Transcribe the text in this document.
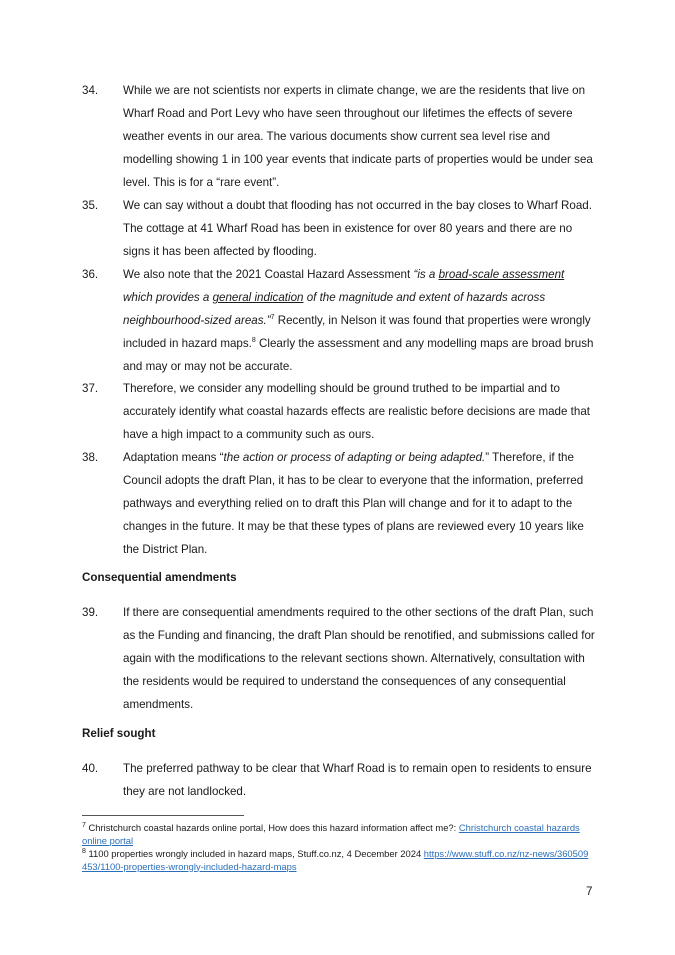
34. While we are not scientists nor experts in climate change, we are the residents that live on Wharf Road and Port Levy who have seen throughout our lifetimes the effects of severe weather events in our area. The various documents show current sea level rise and modelling showing 1 in 100 year events that indicate parts of properties would be under sea level. This is for a “rare event”.
35. We can say without a doubt that flooding has not occurred in the bay closes to Wharf Road. The cottage at 41 Wharf Road has been in existence for over 80 years and there are no signs it has been affected by flooding.
36. We also note that the 2021 Coastal Hazard Assessment “is a broad-scale assessment which provides a general indication of the magnitude and extent of hazards across neighbourhood-sized areas.”$^7$ Recently, in Nelson it was found that properties were wrongly included in hazard maps.$^8$ Clearly the assessment and any modelling maps are broad brush and may or may not be accurate.
37. Therefore, we consider any modelling should be ground truthed to be impartial and to accurately identify what coastal hazards effects are realistic before decisions are made that have a high impact to a community such as ours.
38. Adaptation means “the action or process of adapting or being adapted.” Therefore, if the Council adopts the draft Plan, it has to be clear to everyone that the information, preferred pathways and everything relied on to draft this Plan will change and for it to adapt to the changes in the future. It may be that these types of plans are reviewed every 10 years like the District Plan.
Consequential amendments
39. If there are consequential amendments required to the other sections of the draft Plan, such as the Funding and financing, the draft Plan should be renotified, and submissions called for again with the modifications to the relevant sections shown. Alternatively, consultation with the residents would be required to understand the consequences of any consequential amendments.
Relief sought
40. The preferred pathway to be clear that Wharf Road is to remain open to residents to ensure they are not landlocked.
$^7$ Christchurch coastal hazards online portal, How does this hazard information affect me?: Christchurch coastal hazards online portal
$^8$ 1100 properties wrongly included in hazard maps, Stuff.co.nz, 4 December 2024 https://www.stuff.co.nz/nz-news/360509453/1100-properties-wrongly-included-hazard-maps
7
